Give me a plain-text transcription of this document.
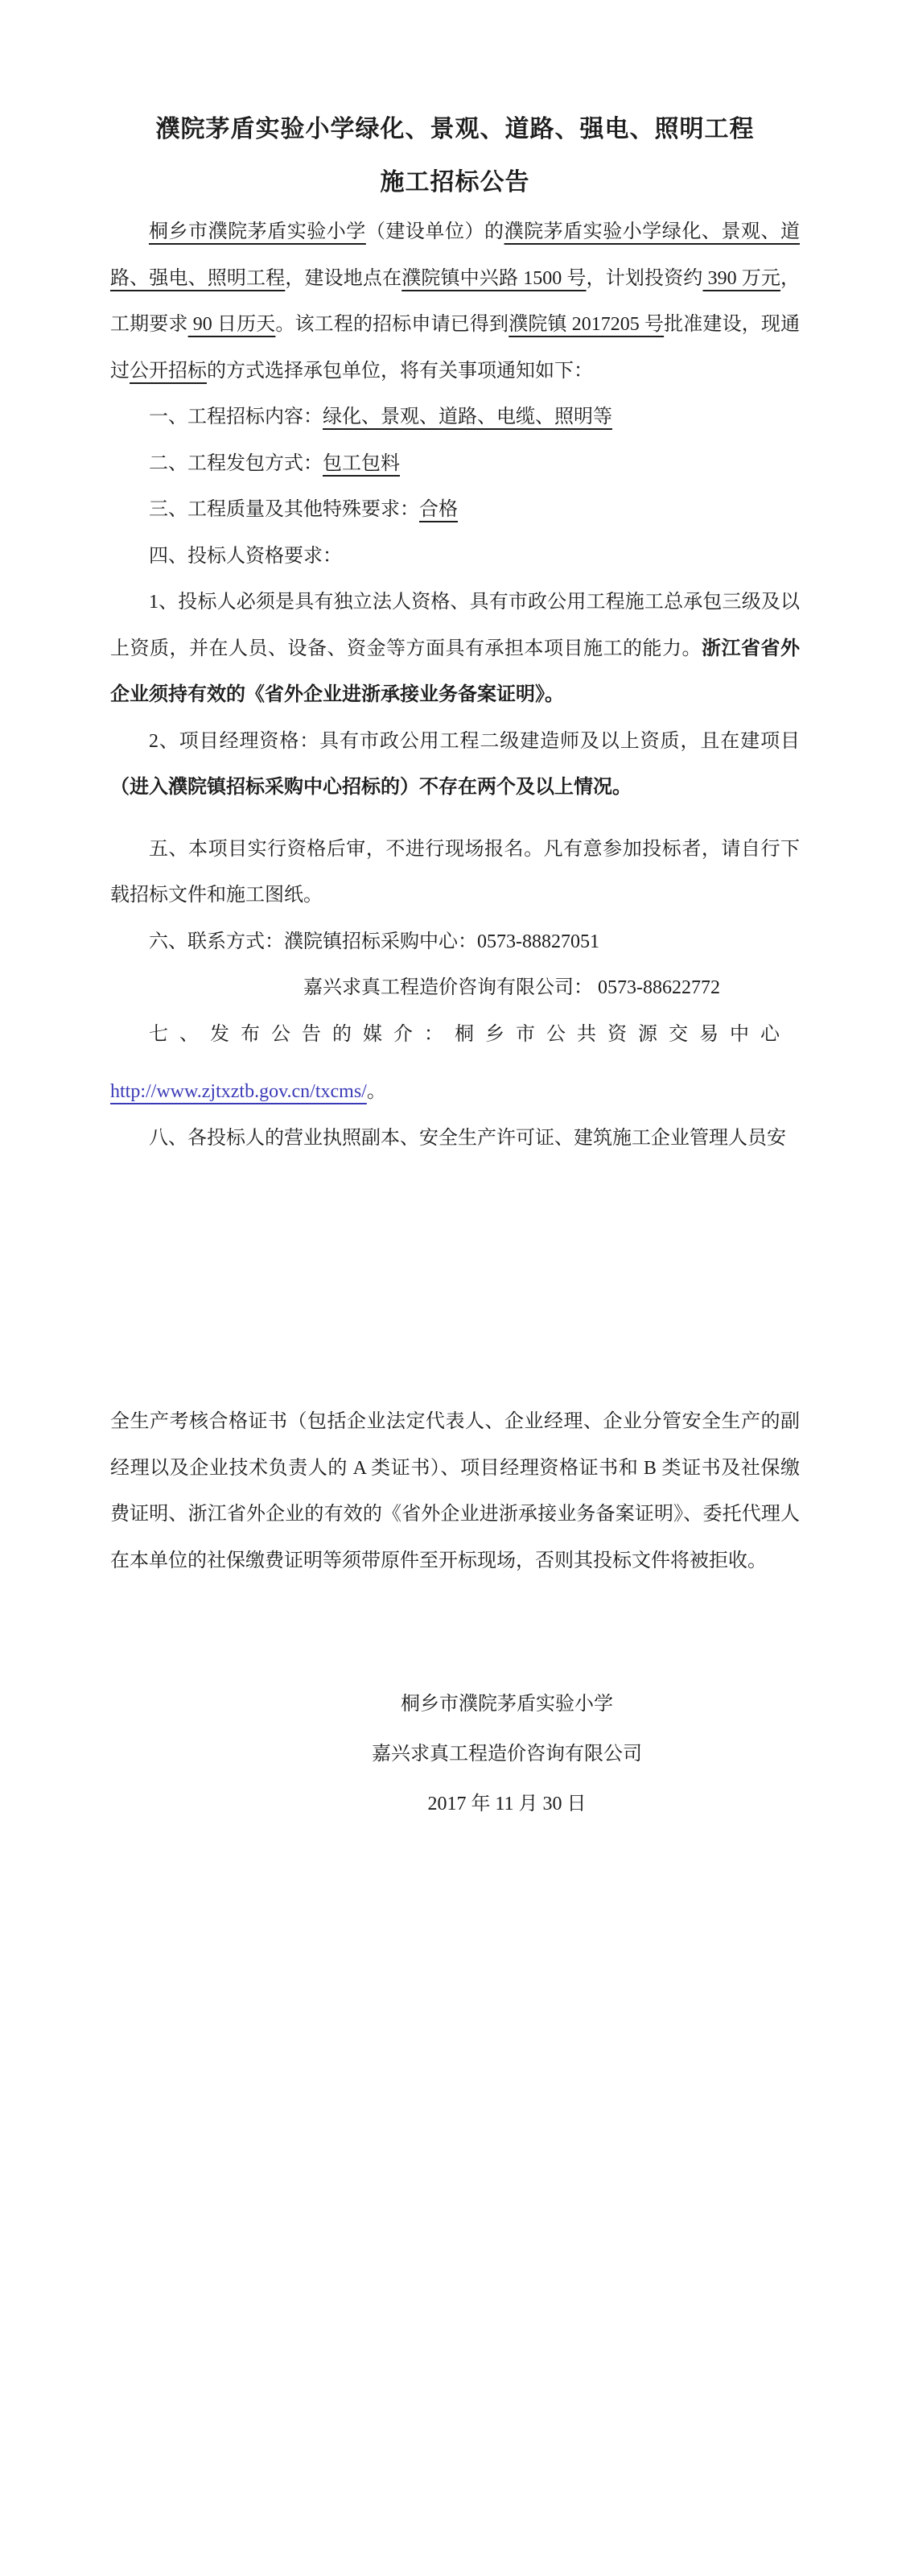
濮院茅盾实验小学绿化、景观、道路、强电、照明工程
施工招标公告

桐乡市濮院茅盾实验小学（建设单位）的濮院茅盾实验小学绿化、景观、道路、强电、照明工程，建设地点在濮院镇中兴路 1500 号，计划投资约 390 万元，工期要求 90 日历天。该工程的招标申请已得到濮院镇 2017205 号批准建设，现通过公开招标的方式选择承包单位，将有关事项通知如下：

一、工程招标内容：绿化、景观、道路、电缆、照明等

二、工程发包方式：包工包料

三、工程质量及其他特殊要求：合格

四、投标人资格要求：

1、投标人必须是具有独立法人资格、具有市政公用工程施工总承包三级及以上资质，并在人员、设备、资金等方面具有承担本项目施工的能力。浙江省省外企业须持有效的《省外企业进浙承接业务备案证明》。

2、项目经理资格：具有市政公用工程二级建造师及以上资质，且在建项目（进入濮院镇招标采购中心招标的）不存在两个及以上情况。

五、本项目实行资格后审，不进行现场报名。凡有意参加投标者，请自行下载招标文件和施工图纸。

六、联系方式：濮院镇招标采购中心：0573-88827051

嘉兴求真工程造价咨询有限公司： 0573-88622772

七、发布公告的媒介：桐乡市公共资源交易中心

http://www.zjtxztb.gov.cn/txcms/。

八、各投标人的营业执照副本、安全生产许可证、建筑施工企业管理人员安

全生产考核合格证书（包括企业法定代表人、企业经理、企业分管安全生产的副经理以及企业技术负责人的 A 类证书）、项目经理资格证书和 B 类证书及社保缴费证明、浙江省外企业的有效的《省外企业进浙承接业务备案证明》、委托代理人在本单位的社保缴费证明等须带原件至开标现场，否则其投标文件将被拒收。

桐乡市濮院茅盾实验小学

嘉兴求真工程造价咨询有限公司

2017 年 11 月 30 日
